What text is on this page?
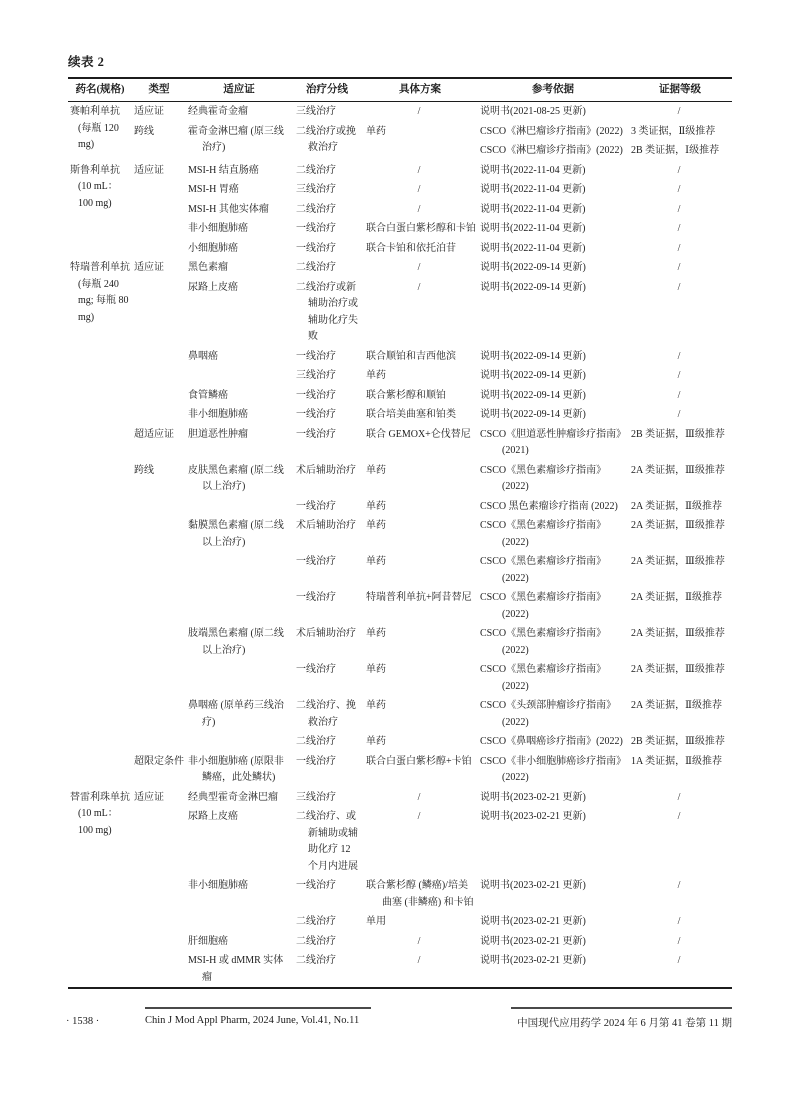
续表 2
药名(规格)	类型	适应证	治疗分线	具体方案	参考依据	证据等级
赛帕利单抗 (每瓶 120 mg)	适应证	经典霍奇金瘤	三线治疗	/	说明书(2021-08-25 更新)	/
	跨线	霍奇金淋巴瘤 (原三线治疗)	二线治疗或挽救治疗	单药	CSCO《淋巴瘤诊疗指南》(2022)	3 类证据，Ⅱ级推荐
					CSCO《淋巴瘤诊疗指南》(2022)	2B 类证据，Ⅰ级推荐
斯鲁利单抗 (10 mL：100 mg)	适应证	MSI-H 结直肠癌	二线治疗	/	说明书(2022-11-04 更新)	/
		MSI-H 胃癌	三线治疗	/	说明书(2022-11-04 更新)	/
		MSI-H 其他实体瘤	二线治疗	/	说明书(2022-11-04 更新)	/
		非小细胞肺癌	一线治疗	联合白蛋白紫杉醇和卡铂	说明书(2022-11-04 更新)	/
		小细胞肺癌	一线治疗	联合卡铂和依托泊苷	说明书(2022-11-04 更新)	/
特瑞普利单抗 (每瓶 240 mg; 每瓶 80 mg)	适应证	黑色素瘤	二线治疗	/	说明书(2022-09-14 更新)	/
		尿路上皮癌	二线治疗或新辅助治疗或辅助化疗失败	/	说明书(2022-09-14 更新)	/
		鼻咽癌	一线治疗	联合顺铂和吉西他滨	说明书(2022-09-14 更新)	/
			三线治疗	单药	说明书(2022-09-14 更新)	/
		食管鳞癌	一线治疗	联合紫杉醇和顺铂	说明书(2022-09-14 更新)	/
		非小细胞肺癌	一线治疗	联合培美曲塞和铂类	说明书(2022-09-14 更新)	/
	超适应证	胆道恶性肿瘤	一线治疗	联合 GEMOX+仑伐替尼	CSCO《胆道恶性肿瘤诊疗指南》(2021)	2B 类证据，Ⅲ级推荐
	跨线	皮肤黑色素瘤 (原二线以上治疗)	术后辅助治疗	单药	CSCO《黑色素瘤诊疗指南》(2022)	2A 类证据，Ⅲ级推荐
			一线治疗	单药	CSCO 黑色素瘤诊疗指南 (2022)	2A 类证据，Ⅱ级推荐
		黏膜黑色素瘤 (原二线以上治疗)	术后辅助治疗	单药	CSCO《黑色素瘤诊疗指南》(2022)	2A 类证据，Ⅲ级推荐
			一线治疗	单药	CSCO《黑色素瘤诊疗指南》(2022)	2A 类证据，Ⅲ级推荐
			一线治疗	特瑞普利单抗+阿昔替尼	CSCO《黑色素瘤诊疗指南》(2022)	2A 类证据，Ⅱ级推荐
		肢端黑色素瘤 (原二线以上治疗)	术后辅助治疗	单药	CSCO《黑色素瘤诊疗指南》(2022)	2A 类证据，Ⅲ级推荐
			一线治疗	单药	CSCO《黑色素瘤诊疗指南》(2022)	2A 类证据，Ⅲ级推荐
		鼻咽癌 (原单药三线治疗)	二线治疗、挽救治疗	单药	CSCO《头颈部肿瘤诊疗指南》(2022)	2A 类证据，Ⅱ级推荐
			二线治疗	单药	CSCO《鼻咽癌诊疗指南》(2022)	2B 类证据，Ⅲ级推荐
	超限定条件	非小细胞肺癌 (原限非鳞癌，此处鳞状)	一线治疗	联合白蛋白紫杉醇+卡铂	CSCO《非小细胞肺癌诊疗指南》(2022)	1A 类证据，Ⅱ级推荐
替雷利珠单抗 (10 mL：100 mg)	适应证	经典型霍奇金淋巴瘤	三线治疗	/	说明书(2023-02-21 更新)	/
		尿路上皮癌	二线治疗、或新辅助或辅助化疗 12 个月内进展	/	说明书(2023-02-21 更新)	/
		非小细胞肺癌	一线治疗	联合紫杉醇 (鳞癌)/培美曲塞 (非鳞癌) 和卡铂	说明书(2023-02-21 更新)	/
			二线治疗	单用	说明书(2023-02-21 更新)	/
		肝细胞癌	二线治疗	/	说明书(2023-02-21 更新)	/
		MSI-H 或 dMMR 实体瘤	二线治疗	/	说明书(2023-02-21 更新)	/
· 1538 ·	Chin J Mod Appl Pharm, 2024 June, Vol.41, No.11	中国现代应用药学 2024 年 6 月第 41 卷第 11 期
